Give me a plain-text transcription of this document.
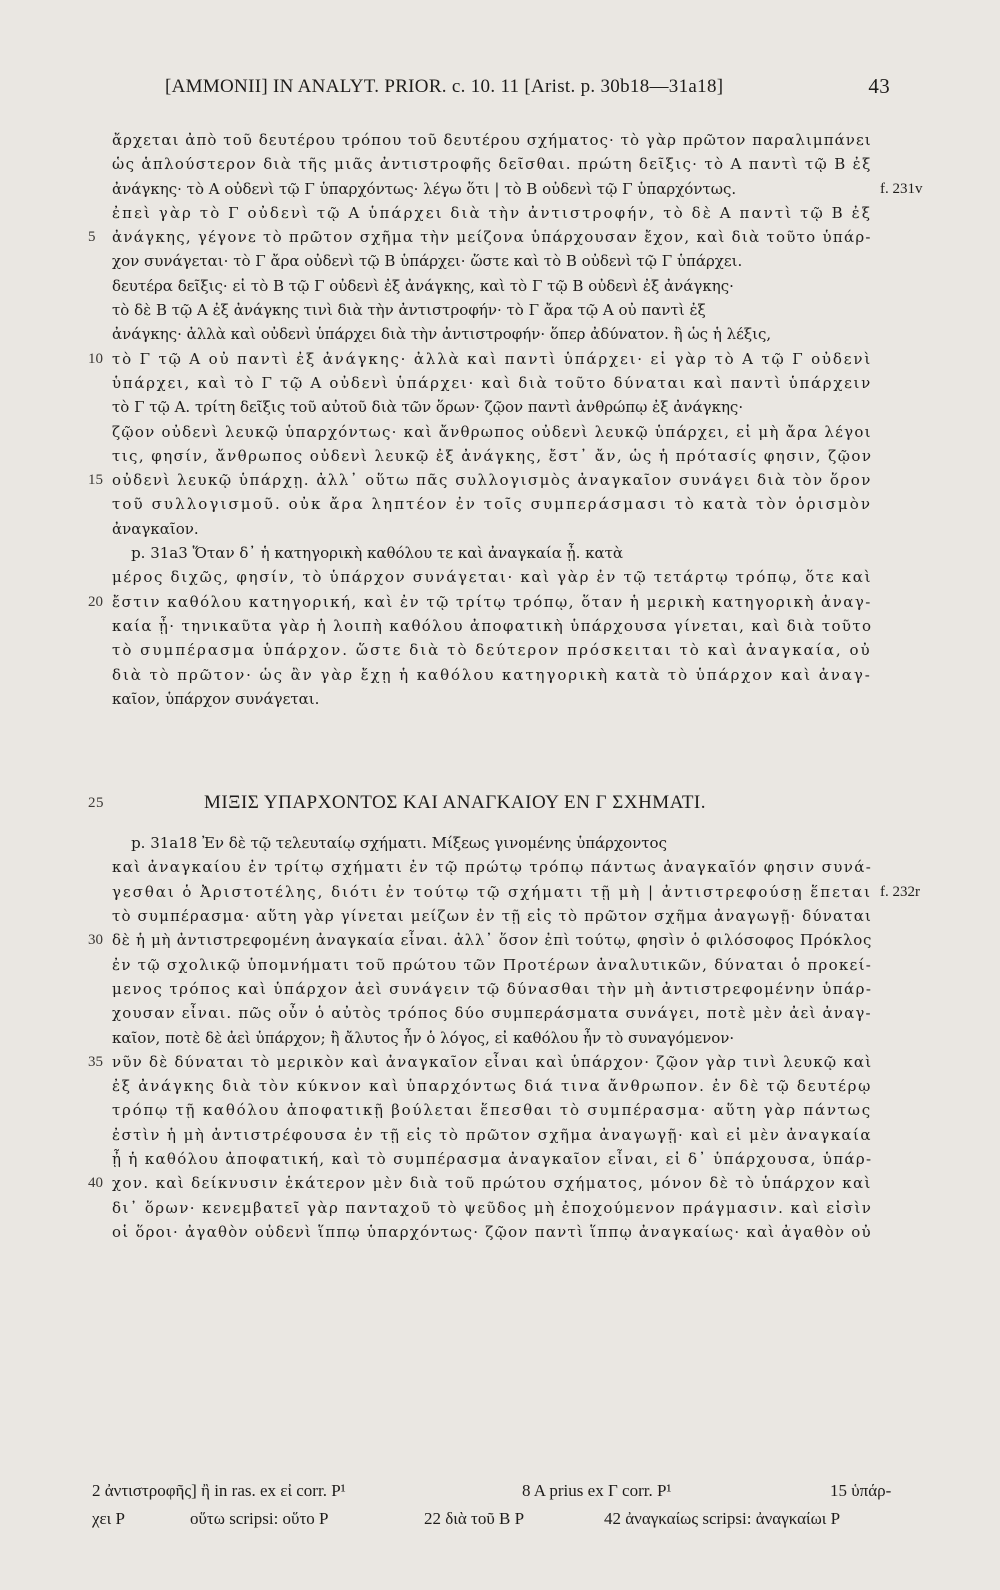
[AMMONII] IN ANALYT. PRIOR. c. 10. 11 [Arist. p. 30b18—31a18]	43
ἄρχεται ἀπὸ τοῦ δευτέρου τρόπου τοῦ δευτέρου σχήματος· τὸ γὰρ πρῶτον παραλιμπάνει
ὡς ἁπλούστερον διὰ τῆς μιᾶς ἀντιστροφῆς δεῖσθαι. πρώτη δεῖξις· τὸ Α παντὶ τῷ Β ἐξ
ἀνάγκης· τὸ Α οὐδενὶ τῷ Γ ὑπαρχόντως· λέγω ὅτι | τὸ Β οὐδενὶ τῷ Γ ὑπαρχόντως.	f. 231v
ἐπεὶ γὰρ τὸ Γ οὐδενὶ τῷ Α ὑπάρχει διὰ τὴν ἀντιστροφήν, τὸ δὲ Α παντὶ τῷ Β ἐξ
5 ἀνάγκης, γέγονε τὸ πρῶτον σχῆμα τὴν μείζονα ὑπάρχουσαν ἔχον, καὶ διὰ τοῦτο ὑπάρ-
χον συνάγεται· τὸ Γ ἄρα οὐδενὶ τῷ Β ὑπάρχει· ὥστε καὶ τὸ Β οὐδενὶ τῷ Γ ὑπάρχει.
δευτέρα δεῖξις· εἰ τὸ Β τῷ Γ οὐδενὶ ἐξ ἀνάγκης, καὶ τὸ Γ τῷ Β οὐδενὶ ἐξ ἀνάγκης·
τὸ δὲ Β τῷ Α ἐξ ἀνάγκης τινὶ διὰ τὴν ἀντιστροφήν· τὸ Γ ἄρα τῷ Α οὐ παντὶ ἐξ
ἀνάγκης· ἀλλὰ καὶ οὐδενὶ ὑπάρχει διὰ τὴν ἀντιστροφήν· ὅπερ ἀδύνατον. ἢ ὡς ἡ λέξις,
10 τὸ Γ τῷ Α οὐ παντὶ ἐξ ἀνάγκης· ἀλλὰ καὶ παντὶ ὑπάρχει· εἰ γὰρ τὸ Α τῷ Γ οὐδενὶ
ὑπάρχει, καὶ τὸ Γ τῷ Α οὐδενὶ ὑπάρχει· καὶ διὰ τοῦτο δύναται καὶ παντὶ ὑπάρχειν
τὸ Γ τῷ Α. τρίτη δεῖξις τοῦ αὐτοῦ διὰ τῶν ὅρων· ζῷον παντὶ ἀνθρώπῳ ἐξ ἀνάγκης·
ζῷον οὐδενὶ λευκῷ ὑπαρχόντως· καὶ ἄνθρωπος οὐδενὶ λευκῷ ὑπάρχει, εἰ μὴ ἄρα λέγοι
τις, φησίν, ἄνθρωπος οὐδενὶ λευκῷ ἐξ ἀνάγκης, ἔστ᾽ ἄν, ὡς ἡ πρότασίς φησιν, ζῷον
15 οὐδενὶ λευκῷ ὑπάρχῃ. ἀλλ᾽ οὕτω πᾶς συλλογισμὸς ἀναγκαῖον συνάγει διὰ τὸν ὅρον
τοῦ συλλογισμοῦ. οὐκ ἄρα ληπτέον ἐν τοῖς συμπεράσμασι τὸ κατὰ τὸν ὁρισμὸν
ἀναγκαῖον.
p. 31a3 Ὅταν δ᾽ ἡ κατηγορικὴ καθόλου τε καὶ ἀναγκαία ᾖ. κατὰ
μέρος διχῶς, φησίν, τὸ ὑπάρχον συνάγεται· καὶ γὰρ ἐν τῷ τετάρτῳ τρόπῳ, ὅτε καὶ
20 ἔστιν καθόλου κατηγορική, καὶ ἐν τῷ τρίτῳ τρόπῳ, ὅταν ἡ μερικὴ κατηγορικὴ ἀναγ-
καία ᾖ· τηνικαῦτα γὰρ ἡ λοιπὴ καθόλου ἀποφατικὴ ὑπάρχουσα γίνεται, καὶ διὰ τοῦτο
τὸ συμπέρασμα ὑπάρχον. ὥστε διὰ τὸ δεύτερον πρόσκειται τὸ καὶ ἀναγκαία, οὐ
διὰ τὸ πρῶτον· ὡς ἂν γὰρ ἔχῃ ἡ καθόλου κατηγορικὴ κατὰ τὸ ὑπάρχον καὶ ἀναγ-
καῖον, ὑπάρχον συνάγεται.
25	ΜΙΞΙΣ ΥΠΑΡΧΟΝΤΟΣ ΚΑΙ ΑΝΑΓΚΑΙΟΥ ΕΝ Γ ΣΧΗΜΑΤΙ.
p. 31a18 Ἐν δὲ τῷ τελευταίῳ σχήματι. Μίξεως γινομένης ὑπάρχοντος
καὶ ἀναγκαίου ἐν τρίτῳ σχήματι ἐν τῷ πρώτῳ τρόπῳ πάντως ἀναγκαῖόν φησιν συνά-
γεσθαι ὁ Ἀριστοτέλης, διότι ἐν τούτῳ τῷ σχήματι τῇ μὴ | ἀντιστρεφούσῃ ἕπεται f. 232r
τὸ συμπέρασμα· αὕτη γὰρ γίνεται μείζων ἐν τῇ εἰς τὸ πρῶτον σχῆμα ἀναγωγῇ· δύναται
30 δὲ ἡ μὴ ἀντιστρεφομένη ἀναγκαία εἶναι. ἀλλ᾽ ὅσον ἐπὶ τούτῳ, φησὶν ὁ φιλόσοφος Πρόκλος
ἐν τῷ σχολικῷ ὑπομνήματι τοῦ πρώτου τῶν Προτέρων ἀναλυτικῶν, δύναται ὁ προκεί-
μενος τρόπος καὶ ὑπάρχον ἀεὶ συνάγειν τῷ δύνασθαι τὴν μὴ ἀντιστρεφομένην ὑπάρ-
χουσαν εἶναι. πῶς οὖν ὁ αὐτὸς τρόπος δύο συμπεράσματα συνάγει, ποτὲ μὲν ἀεὶ ἀναγ-
καῖον, ποτὲ δὲ ἀεὶ ὑπάρχον; ἢ ἄλυτος ἦν ὁ λόγος, εἰ καθόλου ἦν τὸ συναγόμενον·
35 νῦν δὲ δύναται τὸ μερικὸν καὶ ἀναγκαῖον εἶναι καὶ ὑπάρχον· ζῷον γὰρ τινὶ λευκῷ καὶ
ἐξ ἀνάγκης διὰ τὸν κύκνον καὶ ὑπαρχόντως διά τινα ἄνθρωπον. ἐν δὲ τῷ δευτέρῳ
τρόπῳ τῇ καθόλου ἀποφατικῇ βούλεται ἕπεσθαι τὸ συμπέρασμα· αὕτη γὰρ πάντως
ἐστὶν ἡ μὴ ἀντιστρέφουσα ἐν τῇ εἰς τὸ πρῶτον σχῆμα ἀναγωγῇ· καὶ εἰ μὲν ἀναγκαία
ᾖ ἡ καθόλου ἀποφατική, καὶ τὸ συμπέρασμα ἀναγκαῖον εἶναι, εἰ δ᾽ ὑπάρχουσα, ὑπάρ-
40 χον. καὶ δείκνυσιν ἑκάτερον μὲν διὰ τοῦ πρώτου σχήματος, μόνον δὲ τὸ ὑπάρχον καὶ
δι᾽ ὅρων· κενεμβατεῖ γὰρ πανταχοῦ τὸ ψεῦδος μὴ ἐποχούμενον πράγμασιν. καὶ εἰσὶν
οἱ ὅροι· ἀγαθὸν οὐδενὶ ἵππῳ ὑπαρχόντως· ζῷον παντὶ ἵππῳ ἀναγκαίως· καὶ ἀγαθὸν οὐ
2 ἀντιστροφῆς] ἢ in ras. ex εἰ corr. P¹	8 Α prius ex Γ corr. P¹	15 ὑπάρ-
χει P	οὕτω scripsi: οὕτο P	22 διὰ τοῦ Β P	42 ἀναγκαίως scripsi: ἀναγκαίωι P
